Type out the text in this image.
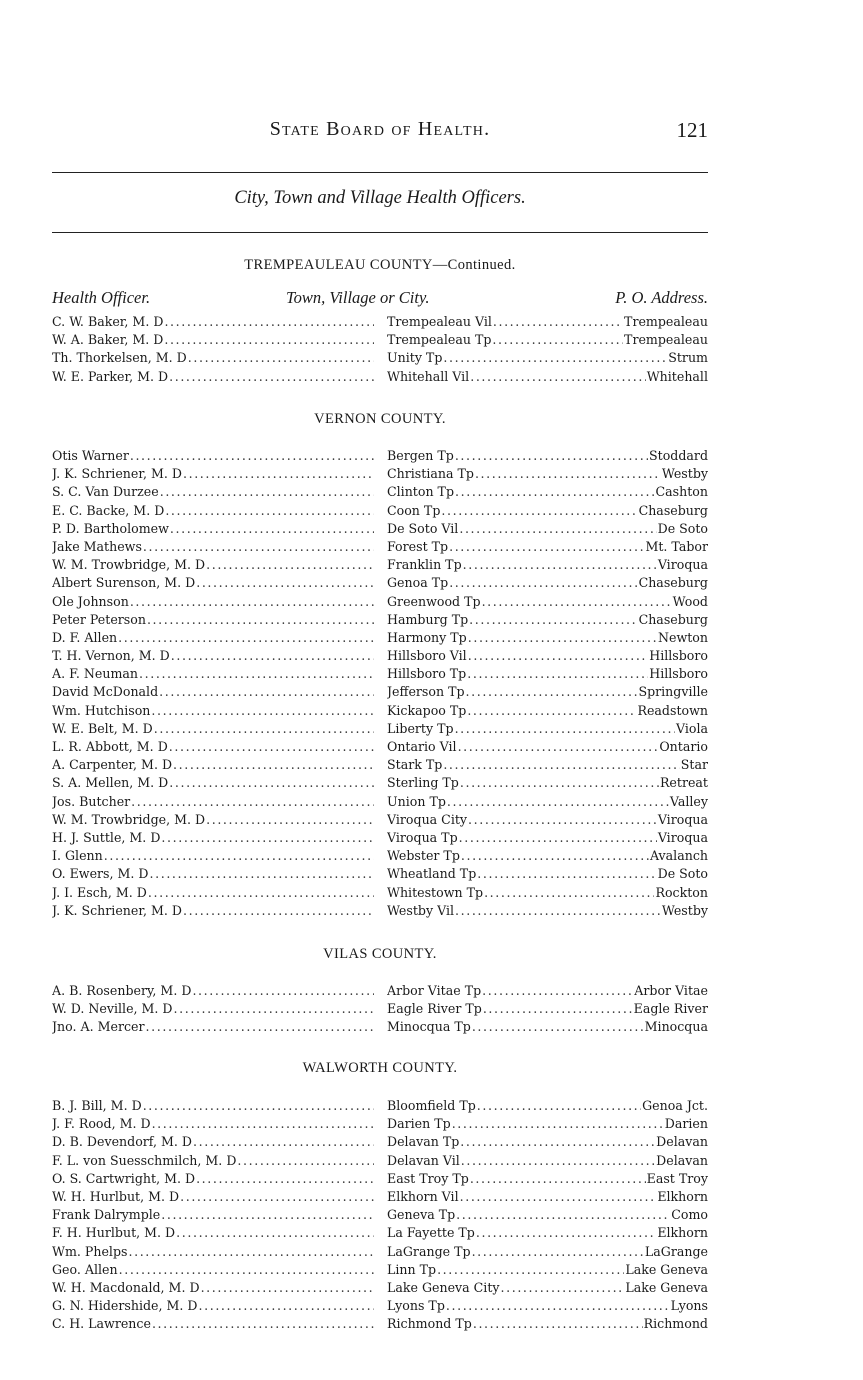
State Board of Health.	121
City, Town and Village Health Officers.
TREMPEAULEAU COUNTY—Continued.
Health Officer.	Town, Village or City.	P. O. Address.
C. W. Baker, M. D .....	Trempealeau Vil .....	Trempealeau
W. A. Baker, M. D .....	Trempealeau Tp .....	Trempealeau
Th. Thorkelsen, M. D .....	Unity Tp .....	Strum
W. E. Parker, M. D .....	Whitehall Vil .....	Whitehall
VERNON COUNTY.
Otis Warner .....	Bergen Tp .....	Stoddard
J. K. Schriener, M. D .....	Christiana Tp .....	Westby
S. C. Van Durzee .....	Clinton Tp .....	Cashton
E. C. Backe, M. D .....	Coon Tp .....	Chaseburg
P. D. Bartholomew .....	De Soto Vil .....	De Soto
Jake Mathews .....	Forest Tp .....	Mt. Tabor
W. M. Trowbridge, M. D .....	Franklin Tp .....	Viroqua
Albert Surenson, M. D .....	Genoa Tp .....	Chaseburg
Ole Johnson .....	Greenwood Tp .....	Wood
Peter Peterson .....	Hamburg Tp .....	Chaseburg
D. F. Allen .....	Harmony Tp .....	Newton
T. H. Vernon, M. D .....	Hillsboro Vil .....	Hillsboro
A. F. Neuman .....	Hillsboro Tp .....	Hillsboro
David McDonald .....	Jefferson Tp .....	Springville
Wm. Hutchison .....	Kickapoo Tp .....	Readstown
W. E. Belt, M. D .....	Liberty Tp .....	Viola
L. R. Abbott, M. D .....	Ontario Vil .....	Ontario
A. Carpenter, M. D .....	Stark Tp .....	Star
S. A. Mellen, M. D .....	Sterling Tp .....	Retreat
Jos. Butcher .....	Union Tp .....	Valley
W. M. Trowbridge, M. D .....	Viroqua City .....	Viroqua
H. J. Suttle, M. D .....	Viroqua Tp .....	Viroqua
I. Glenn .....	Webster Tp .....	Avalanch
O. Ewers, M. D .....	Wheatland Tp .....	De Soto
J. I. Esch, M. D .....	Whitestown Tp .....	Rockton
J. K. Schriener, M. D .....	Westby Vil .....	Westby
VILAS COUNTY.
A. B. Rosenbery, M. D .....	Arbor Vitae Tp .....	Arbor Vitae
W. D. Neville, M. D .....	Eagle River Tp .....	Eagle River
Jno. A. Mercer .....	Minocqua Tp .....	Minocqua
WALWORTH COUNTY.
B. J. Bill, M. D .....	Bloomfield Tp .....	Genoa Jct.
J. F. Rood, M. D .....	Darien Tp .....	Darien
D. B. Devendorf, M. D .....	Delavan Tp .....	Delavan
F. L. von Suesschmilch, M. D .....	Delavan Vil .....	Delavan
O. S. Cartwright, M. D .....	East Troy Tp .....	East Troy
W. H. Hurlbut, M. D .....	Elkhorn Vil .....	Elkhorn
Frank Dalrymple .....	Geneva Tp .....	Como
F. H. Hurlbut, M. D .....	La Fayette Tp .....	Elkhorn
Wm. Phelps .....	LaGrange Tp .....	LaGrange
Geo. Allen .....	Linn Tp .....	Lake Geneva
W. H. Macdonald, M. D .....	Lake Geneva City .....	Lake Geneva
G. N. Hidershide, M. D .....	Lyons Tp .....	Lyons
C. H. Lawrence .....	Richmond Tp .....	Richmond
